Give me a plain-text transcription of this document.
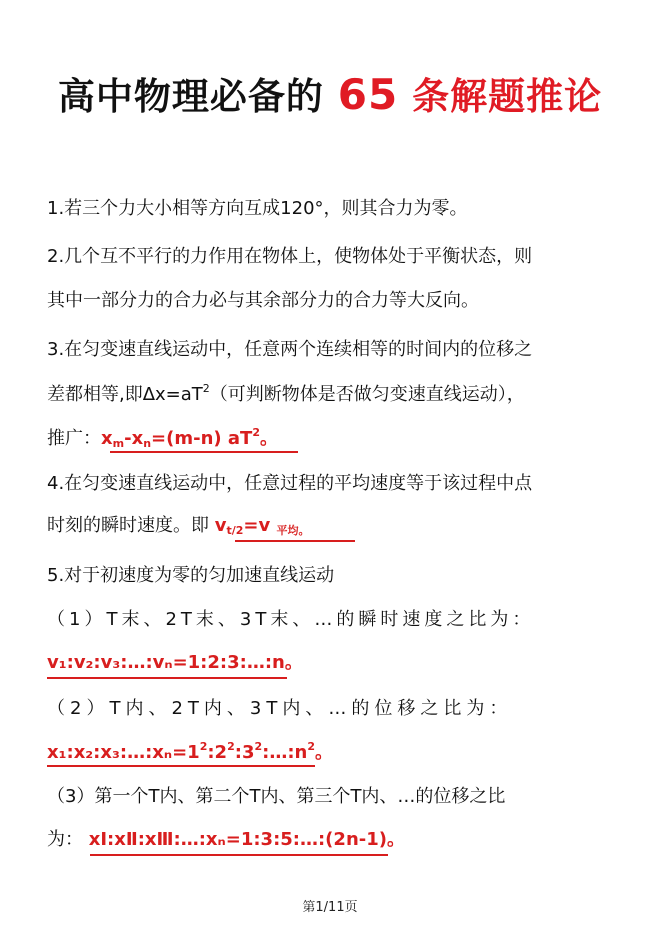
高中物理必备的 65 条解题推论
1.若三个力大小相等方向互成120°，则其合力为零。
2.几个互不平行的力作用在物体上，使物体处于平衡状态，则
其中一部分力的合力必与其余部分力的合力等大反向。
3.在匀变速直线运动中，任意两个连续相等的时间内的位移之
差都相等,即$\Delta x=aT^2$（可判断物体是否做匀变速直线运动），
推广：$x_m-x_n=(m-n)$ $aT^2$。
4.在匀变速直线运动中，任意过程的平均速度等于该过程中点
时刻的瞬时速度。即 $v_{t/2}=v$ $_{平均。}$
5.对于初速度为零的匀加速直线运动
（1）T末、2T末、3T末、…的瞬时速度之比为：
v₁:v₂:v₃:…:vₙ=1:2:3:…:n。
（2）T内、2T内、3T内、…的位移之比为：
$x_1:x_2:x_3:\dots:x_n=1^2:2^2:3^2:\dots:n^2$。
（3）第一个T内、第二个T内、第三个T内、…的位移之比
为： xⅠ:xⅡ:xⅢ:…:xₙ=1:3:5:…:(2n-1)。
第1/11页
